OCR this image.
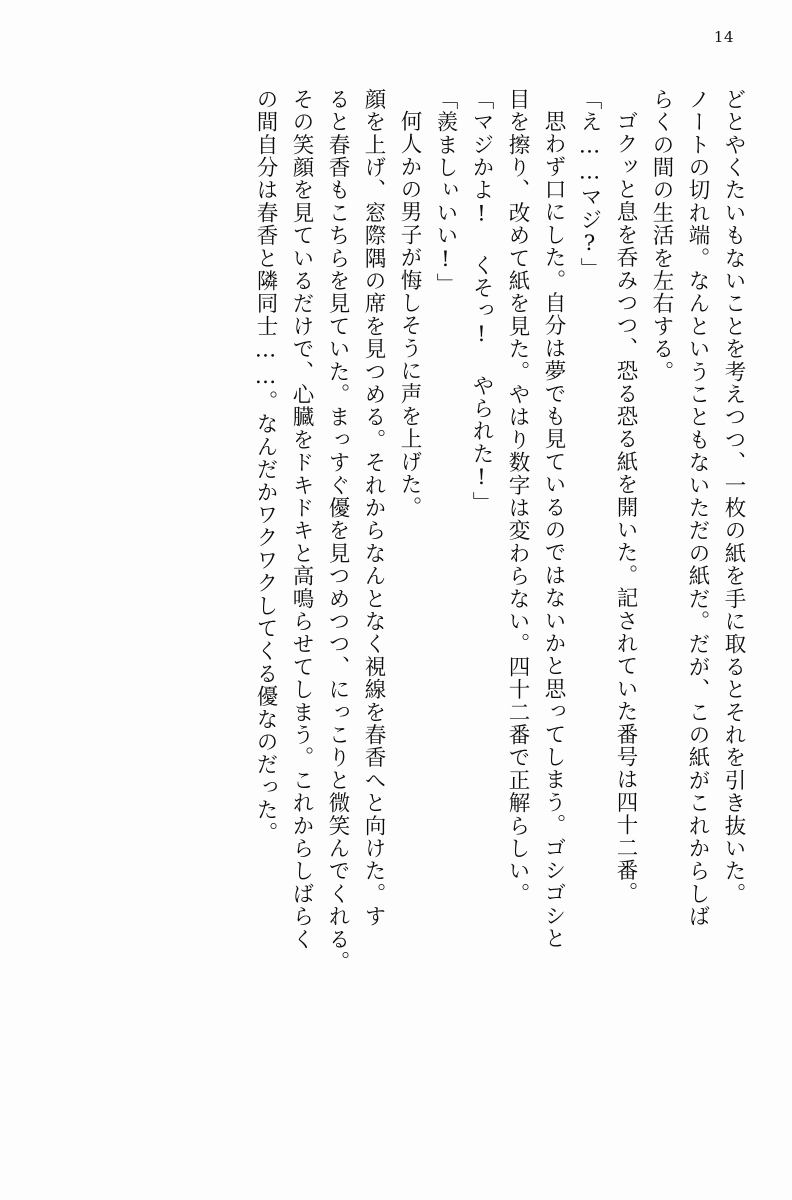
14
どとやくたいもないことを考えつつ、一枚の紙を手に取るとそれを引き抜いた。
ノートの切れ端。なんということもないただの紙だ。だが、この紙がこれからしば
らくの間の生活を左右する。
ゴクッと息を呑みつつ、恐る恐る紙を開いた。記されていた番号は四十二番。
「え……マジ?」
思わず口にした。自分は夢でも見ているのではないかと思ってしまう。ゴシゴシと
目を擦り、改めて紙を見た。やはり数字は変わらない。四十二番で正解らしい。
「マジかよ! くそっ! やられた!」
「羨ましぃいい!」
何人かの男子が悔しそうに声を上げた。
顔を上げ、窓際隅の席を見つめる。それからなんとなく視線を春香へと向けた。す
ると春香もこちらを見ていた。まっすぐ優を見つめつつ、にっこりと微笑んでくれる。
その笑顔を見ているだけで、心臓をドキドキと高鳴らせてしまう。これからしばらく
の間自分は春香と隣同士……。なんだかワクワクしてくる優なのだった。
